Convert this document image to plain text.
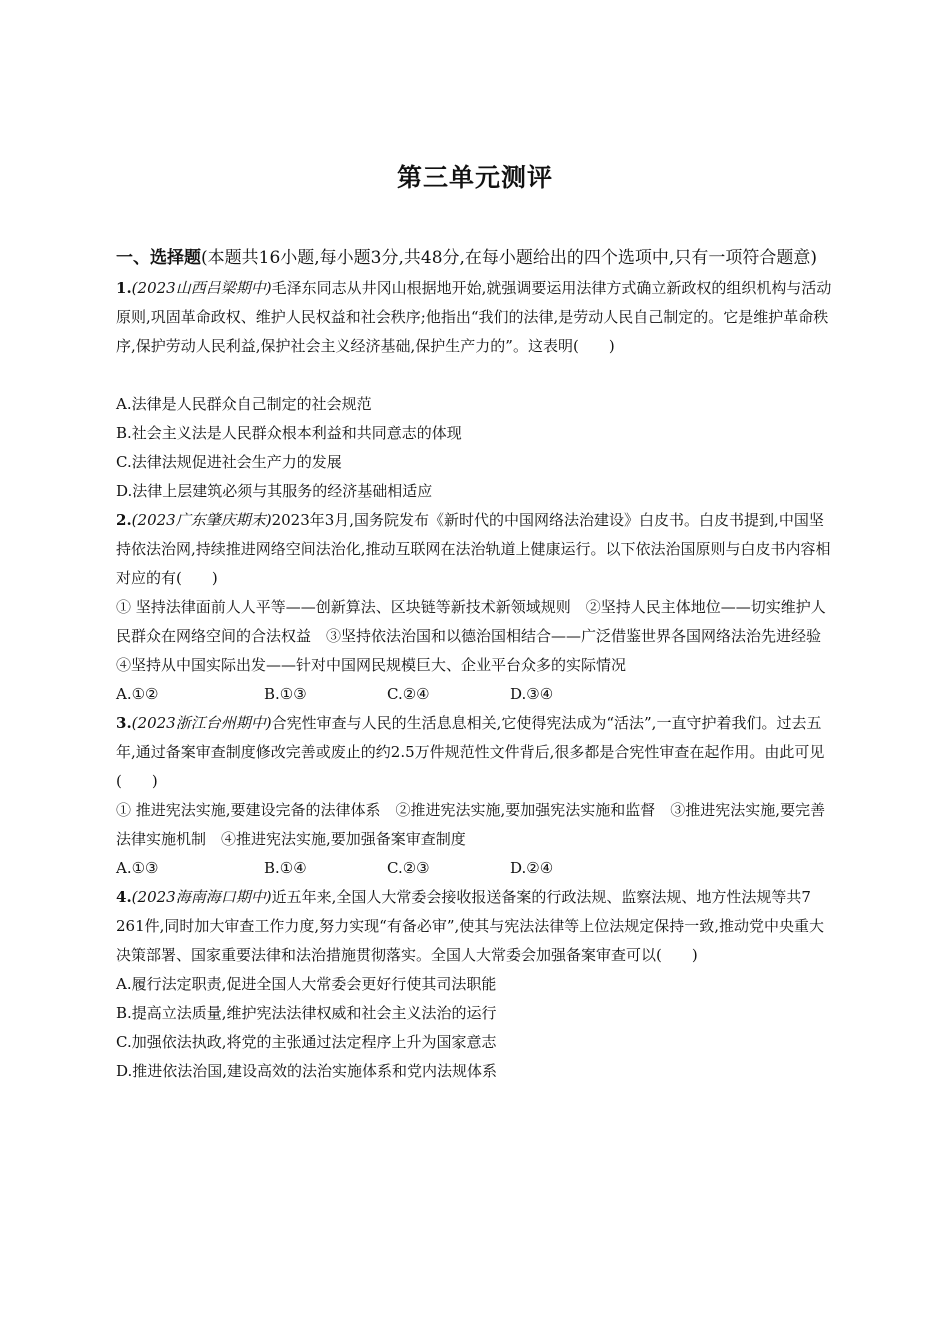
第三单元测评
一、选择题(本题共16小题,每小题3分,共48分,在每小题给出的四个选项中,只有一项符合题意)

1.(2023山西吕梁期中)毛泽东同志从井冈山根据地开始,就强调要运用法律方式确立新政权的组织机构与活动原则,巩固革命政权、维护人民权益和社会秩序;他指出“我们的法律,是劳动人民自己制定的。它是维护革命秩序,保护劳动人民利益,保护社会主义经济基础,保护生产力的”。这表明(　　)

A.法律是人民群众自己制定的社会规范

B.社会主义法是人民群众根本利益和共同意志的体现

C.法律法规促进社会生产力的发展

D.法律上层建筑必须与其服务的经济基础相适应

2.(2023广东肇庆期末)2023年3月,国务院发布《新时代的中国网络法治建设》白皮书。白皮书提到,中国坚持依法治网,持续推进网络空间法治化,推动互联网在法治轨道上健康运行。以下依法治国原则与白皮书内容相对应的有(　　)

① 坚持法律面前人人平等——创新算法、区块链等新技术新领域规则　②坚持人民主体地位——切实维护人民群众在网络空间的合法权益　③坚持依法治国和以德治国相结合——广泛借鉴世界各国网络法治先进经验　④坚持从中国实际出发——针对中国网民规模巨大、企业平台众多的实际情况

A.①②	B.①③	C.②④	D.③④

3.(2023浙江台州期中)合宪性审查与人民的生活息息相关,它使得宪法成为“活法”,一直守护着我们。过去五年,通过备案审查制度修改完善或废止的约2.5万件规范性文件背后,很多都是合宪性审查在起作用。由此可见(　　)

① 推进宪法实施,要建设完备的法律体系　②推进宪法实施,要加强宪法实施和监督　③推进宪法实施,要完善法律实施机制　④推进宪法实施,要加强备案审查制度

A.①③	B.①④	C.②③	D.②④

4.(2023海南海口期中)近五年来,全国人大常委会接收报送备案的行政法规、监察法规、地方性法规等共7 261件,同时加大审查工作力度,努力实现“有备必审”,使其与宪法法律等上位法规定保持一致,推动党中央重大决策部署、国家重要法律和法治措施贯彻落实。全国人大常委会加强备案审查可以(　　)

A.履行法定职责,促进全国人大常委会更好行使其司法职能

B.提高立法质量,维护宪法法律权威和社会主义法治的运行

C.加强依法执政,将党的主张通过法定程序上升为国家意志

D.推进依法治国,建设高效的法治实施体系和党内法规体系
